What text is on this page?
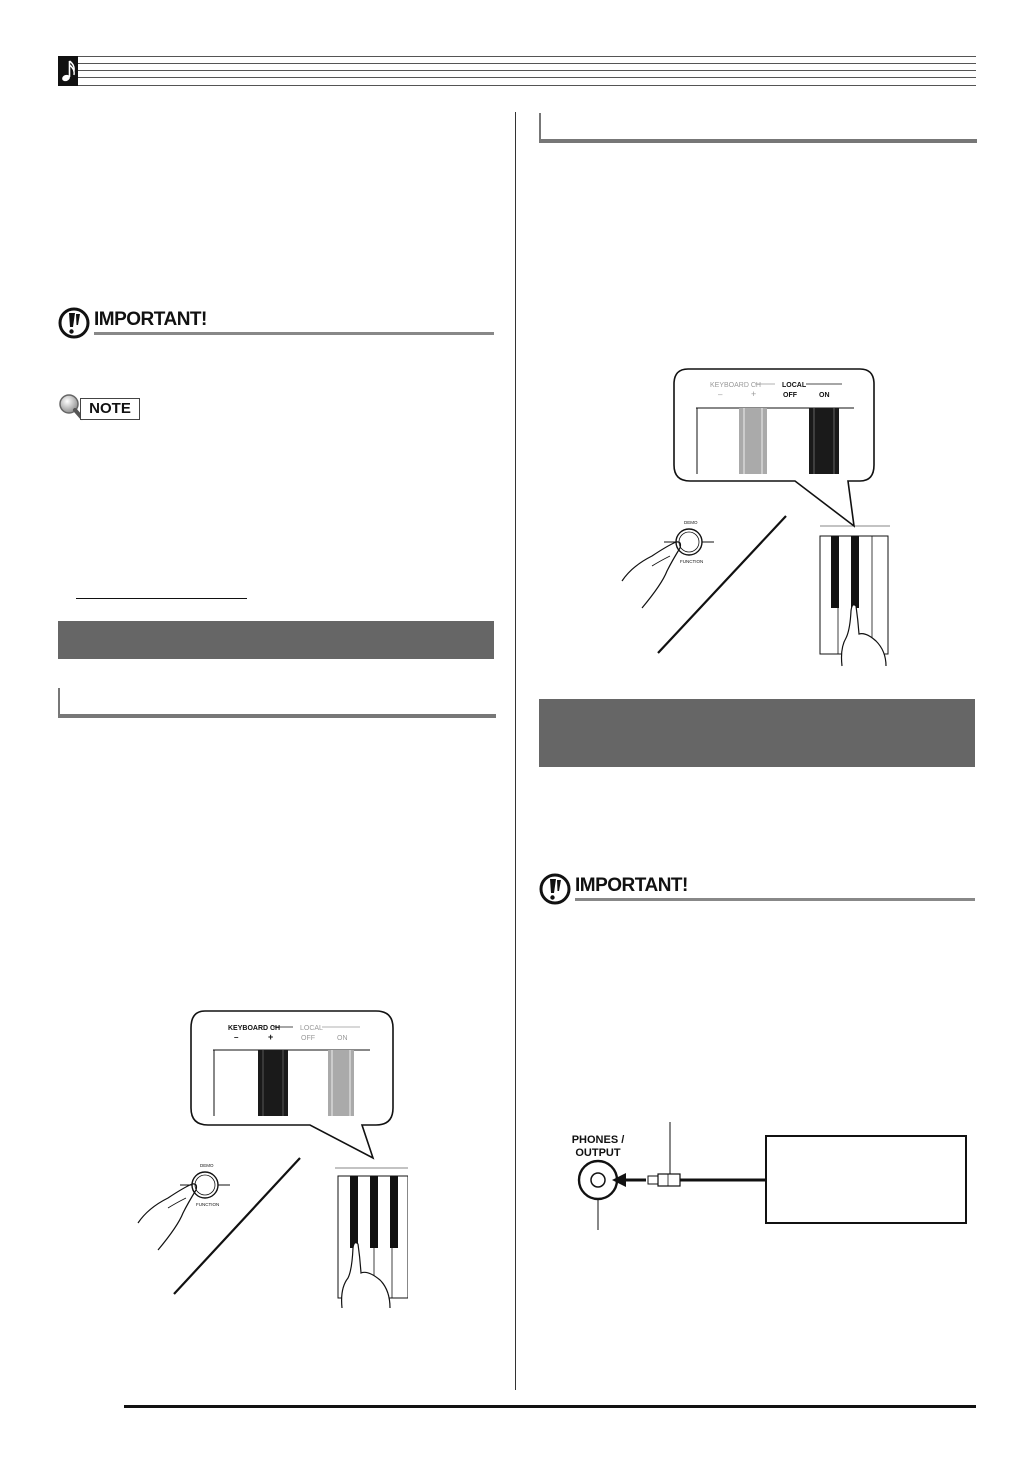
IMPORTANT!
NOTE
KEYBOARD CH	LOCAL
–	+	OFF	ON
DEMO
FUNCTION
KEYBOARD CH	LOCAL
–	+	OFF	ON
DEMO
FUNCTION
IMPORTANT!
PHONES /
OUTPUT
